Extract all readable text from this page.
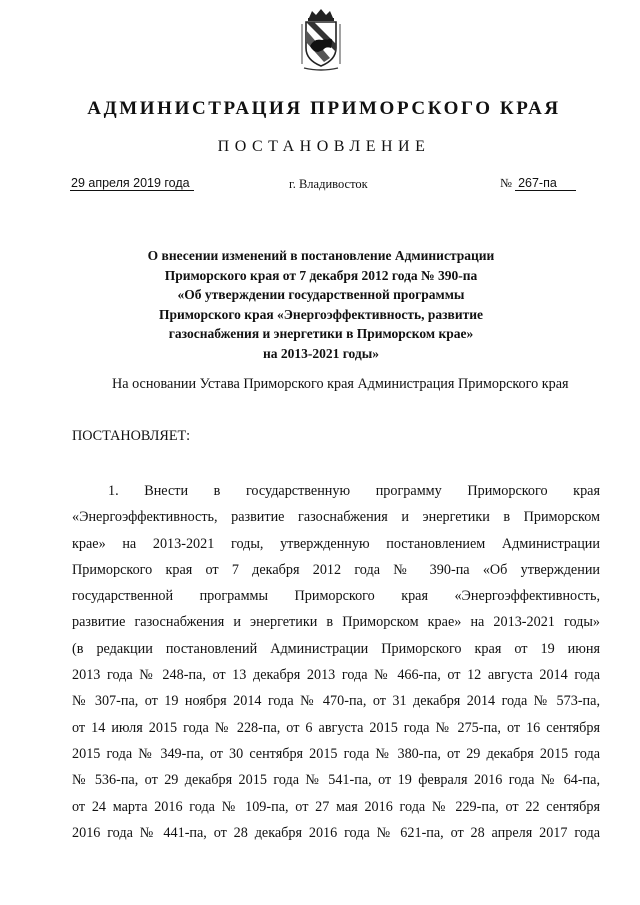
АДМИНИСТРАЦИЯ ПРИМОРСКОГО КРАЯ
ПОСТАНОВЛЕНИЕ
29 апреля 2019 года	г. Владивосток	№ 267-па
О внесении изменений в постановление Администрации
Приморского края от 7 декабря 2012 года № 390-па
«Об утверждении государственной программы
Приморского края «Энергоэффективность, развитие
газоснабжения и энергетики в Приморском крае»
на 2013-2021 годы»
На основании Устава Приморского края Администрация Приморского края
ПОСТАНОВЛЯЕТ:
1. Внести в государственную программу Приморского края
«Энергоэффективность, развитие газоснабжения и энергетики в Приморском
крае» на 2013-2021 годы, утвержденную постановлением Администрации
Приморского края от 7 декабря 2012 года № 390-па «Об утверждении
государственной программы Приморского края «Энергоэффективность,
развитие газоснабжения и энергетики в Приморском крае» на 2013-2021 годы»
(в редакции постановлений Администрации Приморского края от 19 июня
2013 года № 248-па, от 13 декабря 2013 года № 466-па, от 12 августа 2014 года
№ 307-па, от 19 ноября 2014 года № 470-па, от 31 декабря 2014 года № 573-па,
от 14 июля 2015 года № 228-па, от 6 августа 2015 года № 275-па, от 16 сентября
2015 года № 349-па, от 30 сентября 2015 года № 380-па, от 29 декабря 2015 года
№ 536-па, от 29 декабря 2015 года № 541-па, от 19 февраля 2016 года № 64-па,
от 24 марта 2016 года № 109-па, от 27 мая 2016 года № 229-па, от 22 сентября
2016 года № 441-па, от 28 декабря 2016 года № 621-па, от 28 апреля 2017 года
